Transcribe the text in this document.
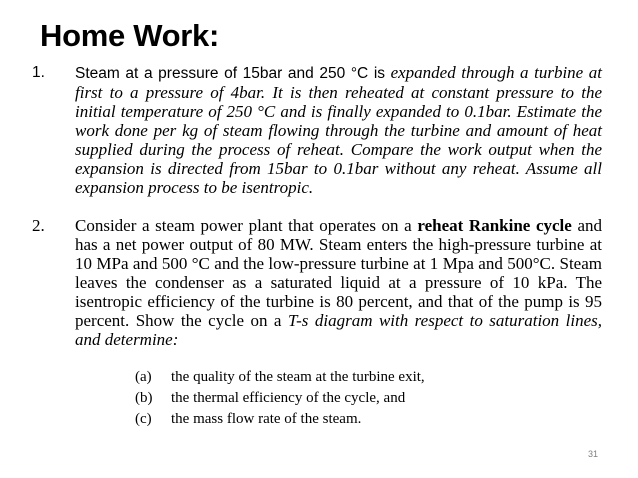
Home Work:
1. Steam at a pressure of 15bar and 250 °C is expanded through a turbine at first to a pressure of 4bar. It is then reheated at constant pressure to the initial temperature of 250 °C and is finally expanded to 0.1bar. Estimate the work done per kg of steam flowing through the turbine and amount of heat supplied during the process of reheat. Compare the work output when the expansion is directed from 15bar to 0.1bar without any reheat. Assume all expansion process to be isentropic.
2. Consider a steam power plant that operates on a reheat Rankine cycle and has a net power output of 80 MW. Steam enters the high-pressure turbine at 10 MPa and 500 °C and the low-pressure turbine at 1 Mpa and 500°C. Steam leaves the condenser as a saturated liquid at a pressure of 10 kPa. The isentropic efficiency of the turbine is 80 percent, and that of the pump is 95 percent. Show the cycle on a T-s diagram with respect to saturation lines, and determine:
(a) the quality of the steam at the turbine exit,
(b) the thermal efficiency of the cycle, and
(c) the mass flow rate of the steam.
31
